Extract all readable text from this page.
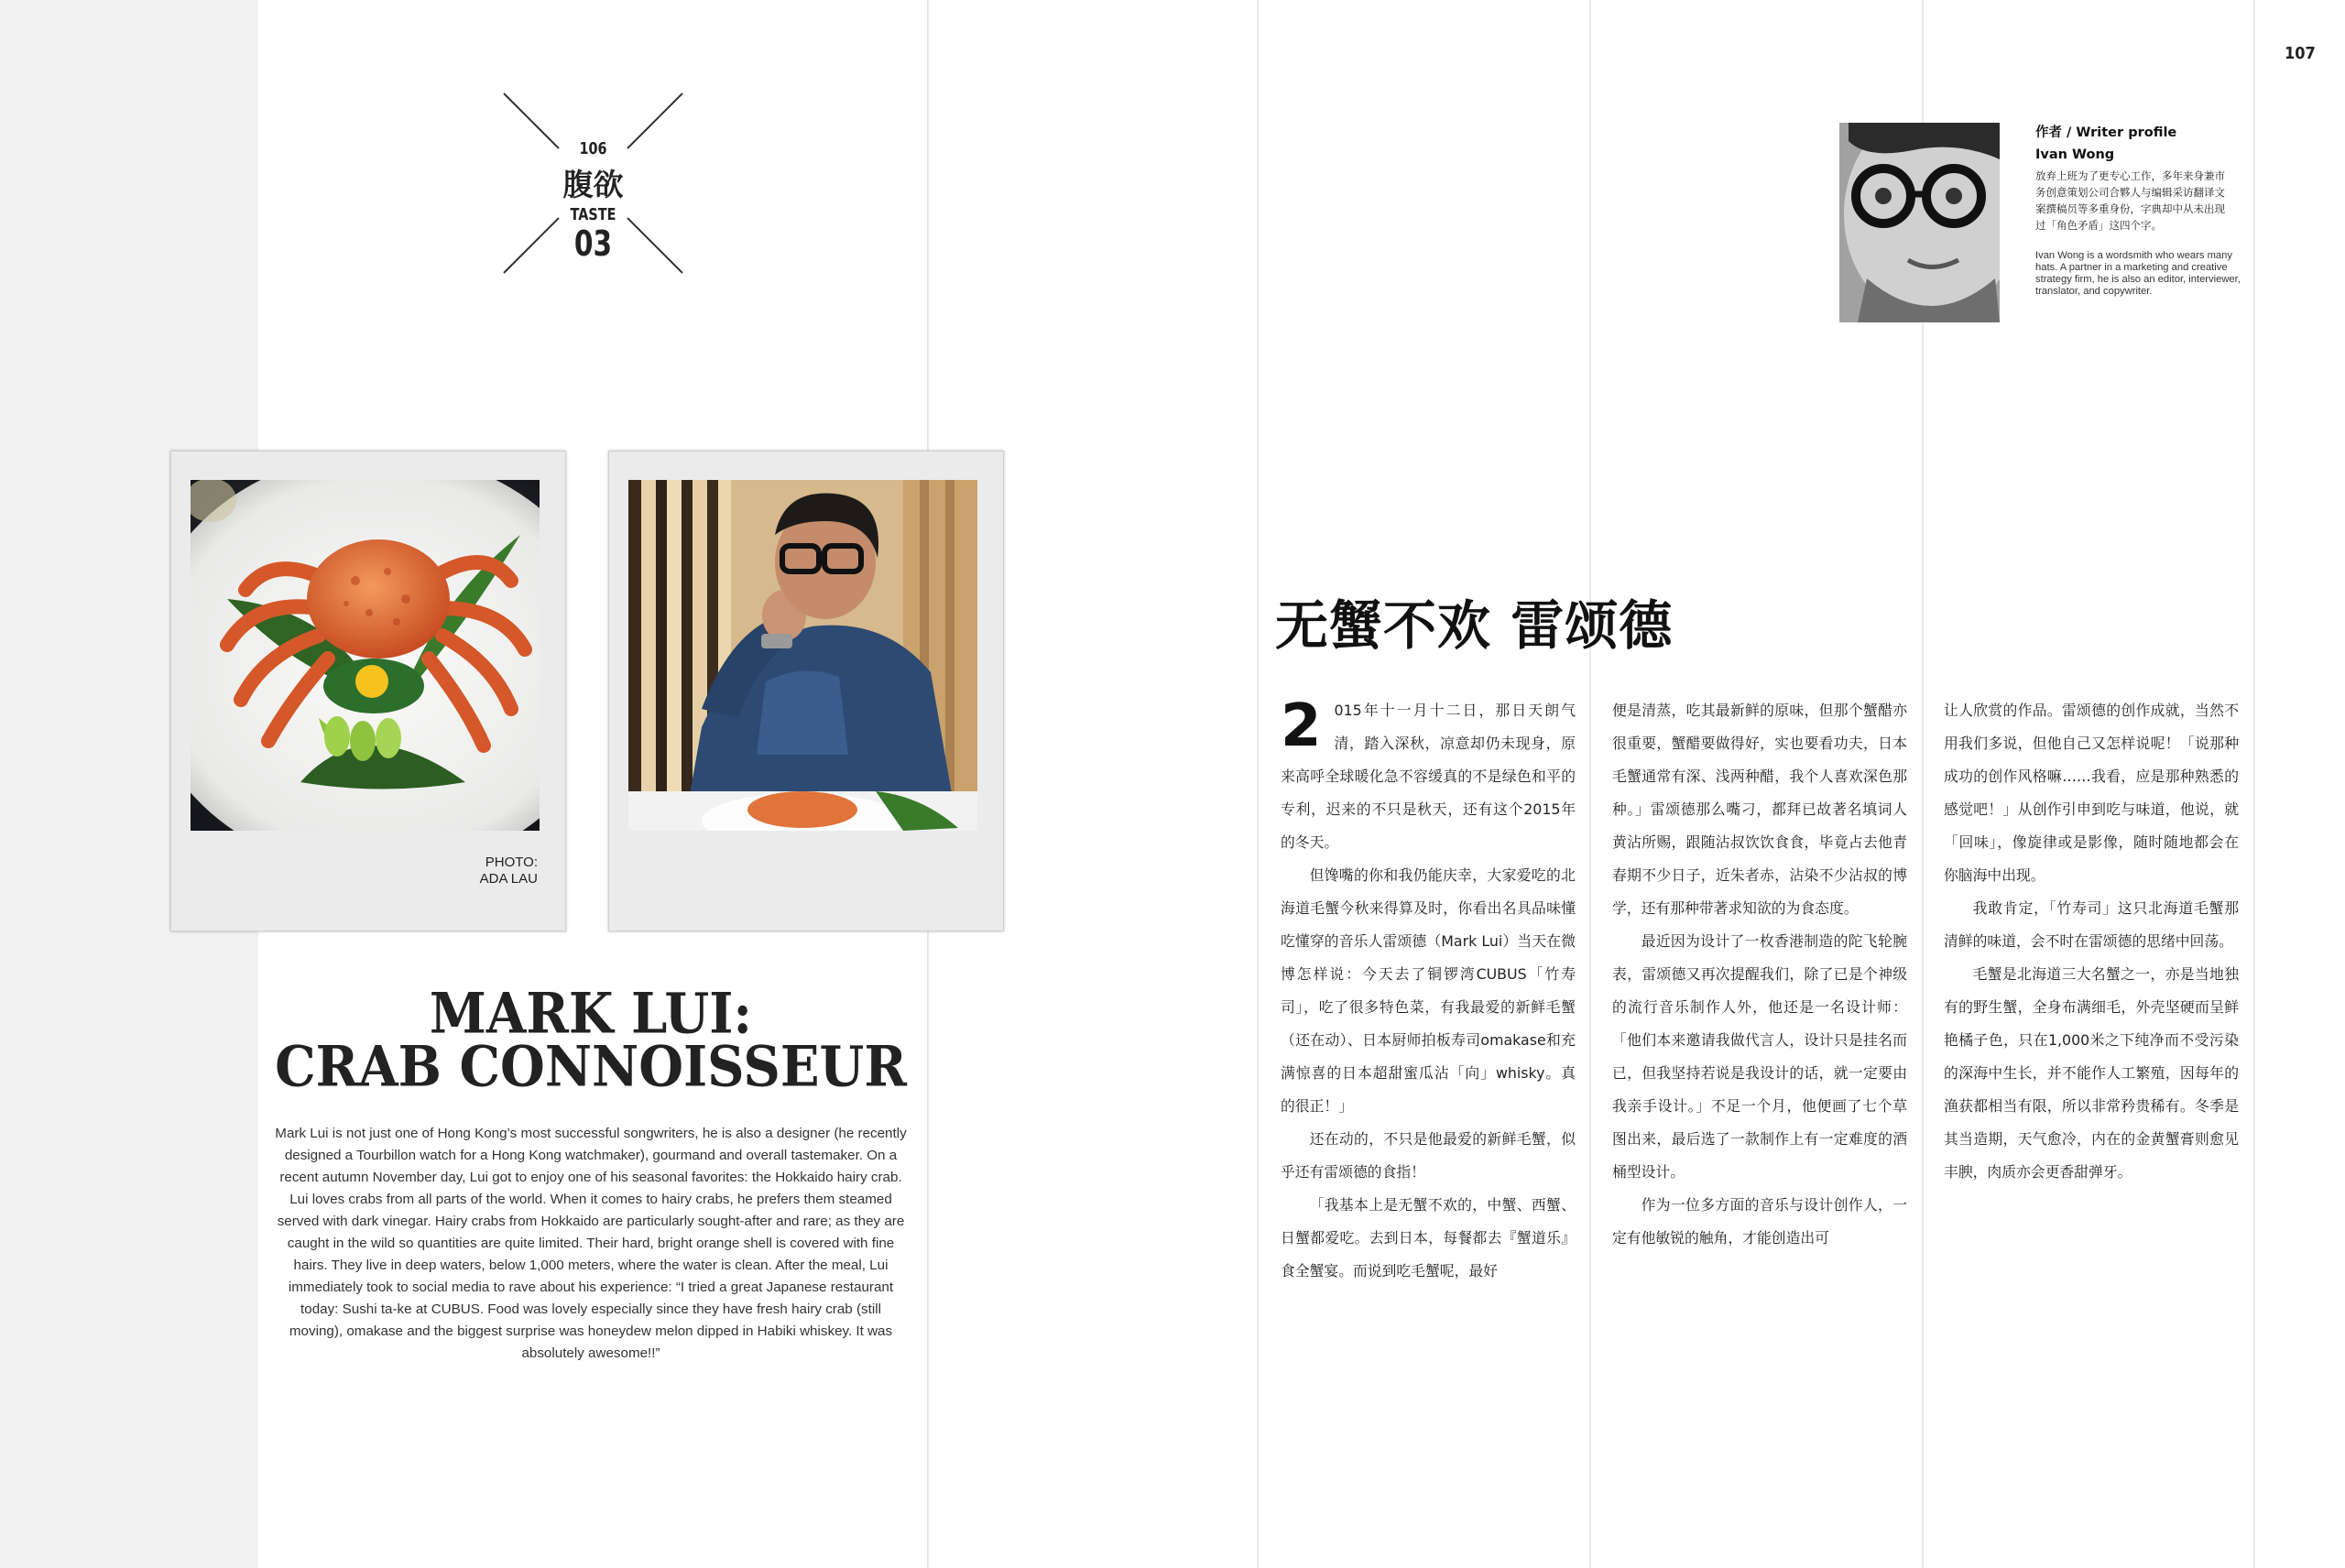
107
106
腹欲
TASTE
03
PHOTO:
ADA LAU
MARK LUI:
CRAB CONNOISSEUR
Mark Lui is not just one of Hong Kong’s most successful songwriters, he is also a designer (he recently designed a Tourbillon watch for a Hong Kong watchmaker), gourmand and overall tastemaker. On a recent autumn November day, Lui got to enjoy one of his seasonal favorites: the Hokkaido hairy crab. Lui loves crabs from all parts of the world. When it comes to hairy crabs, he prefers them steamed served with dark vinegar. Hairy crabs from Hokkaido are particularly sought-after and rare; as they are caught in the wild so quantities are quite limited. Their hard, bright orange shell is covered with fine hairs. They live in deep waters, below 1,000 meters, where the water is clean. After the meal, Lui immediately took to social media to rave about his experience: “I tried a great Japanese restaurant today: Sushi ta-ke at CUBUS. Food was lovely especially since they have fresh hairy crab (still moving), omakase and the biggest surprise was honeydew melon dipped in Habiki whiskey. It was absolutely awesome!!”
作者 / Writer profile
Ivan Wong
放弃上班为了更专心工作，多年来身兼市务创意策划公司合夥人与编辑采访翻译文案撰稿员等多重身份，字典却中从未出现过「角色矛盾」这四个字。
Ivan Wong is a wordsmith who wears many hats. A partner in a marketing and creative strategy firm, he is also an editor, interviewer, translator, and copywriter.
无蟹不欢 雷颂德

2 015年十一月十二日，那日天朗气清，踏入深秋，凉意却仍未现身，原来高呼全球暖化急不容缓真的不是绿色和平的专利，迟来的不只是秋天，还有这个2015年的冬天。

但馋嘴的你和我仍能庆幸，大家爱吃的北海道毛蟹今秋来得算及时，你看出名具品味懂吃懂穿的音乐人雷颂德（Mark Lui）当天在微博怎样说：今天去了铜锣湾CUBUS「竹寿司」，吃了很多特色菜，有我最爱的新鲜毛蟹（还在动）、日本厨师拍板寿司omakase和充满惊喜的日本超甜蜜瓜沾「向」whisky。真的很正！」

还在动的，不只是他最爱的新鲜毛蟹，似乎还有雷颂德的食指！

「我基本上是无蟹不欢的，中蟹、西蟹、日蟹都爱吃。去到日本，每餐都去『蟹道乐』食全蟹宴。而说到吃毛蟹呢，最好

便是清蒸，吃其最新鲜的原味，但那个蟹醋亦很重要，蟹醋要做得好，实也要看功夫，日本毛蟹通常有深、浅两种醋，我个人喜欢深色那种。」雷颂德那么嘴刁，都拜已故著名填词人黄沾所赐，跟随沾叔饮饮食食，毕竟占去他青春期不少日子，近朱者赤，沾染不少沾叔的博学，还有那种带著求知欲的为食态度。

最近因为设计了一枚香港制造的陀飞轮腕表，雷颂德又再次提醒我们，除了已是个神级的流行音乐制作人外，他还是一名设计师：「他们本来邀请我做代言人，设计只是挂名而已，但我坚持若说是我设计的话，就一定要由我亲手设计。」不足一个月，他便画了七个草图出来，最后选了一款制作上有一定难度的酒桶型设计。

作为一位多方面的音乐与设计创作人，一定有他敏锐的触角，才能创造出可

让人欣赏的作品。雷颂德的创作成就，当然不用我们多说，但他自己又怎样说呢！「说那种成功的创作风格嘛……我看，应是那种熟悉的感觉吧！」从创作引申到吃与味道，他说，就「回味」，像旋律或是影像，随时随地都会在你脑海中出现。

我敢肯定，「竹寿司」这只北海道毛蟹那清鲜的味道，会不时在雷颂德的思绪中回荡。

毛蟹是北海道三大名蟹之一，亦是当地独有的野生蟹，全身布满细毛，外壳坚硬而呈鲜艳橘子色，只在1,000米之下纯净而不受污染的深海中生长，并不能作人工繁殖，因每年的渔获都相当有限，所以非常矜贵稀有。冬季是其当造期，天气愈冷，内在的金黄蟹膏则愈见丰腴，肉质亦会更香甜弹牙。
